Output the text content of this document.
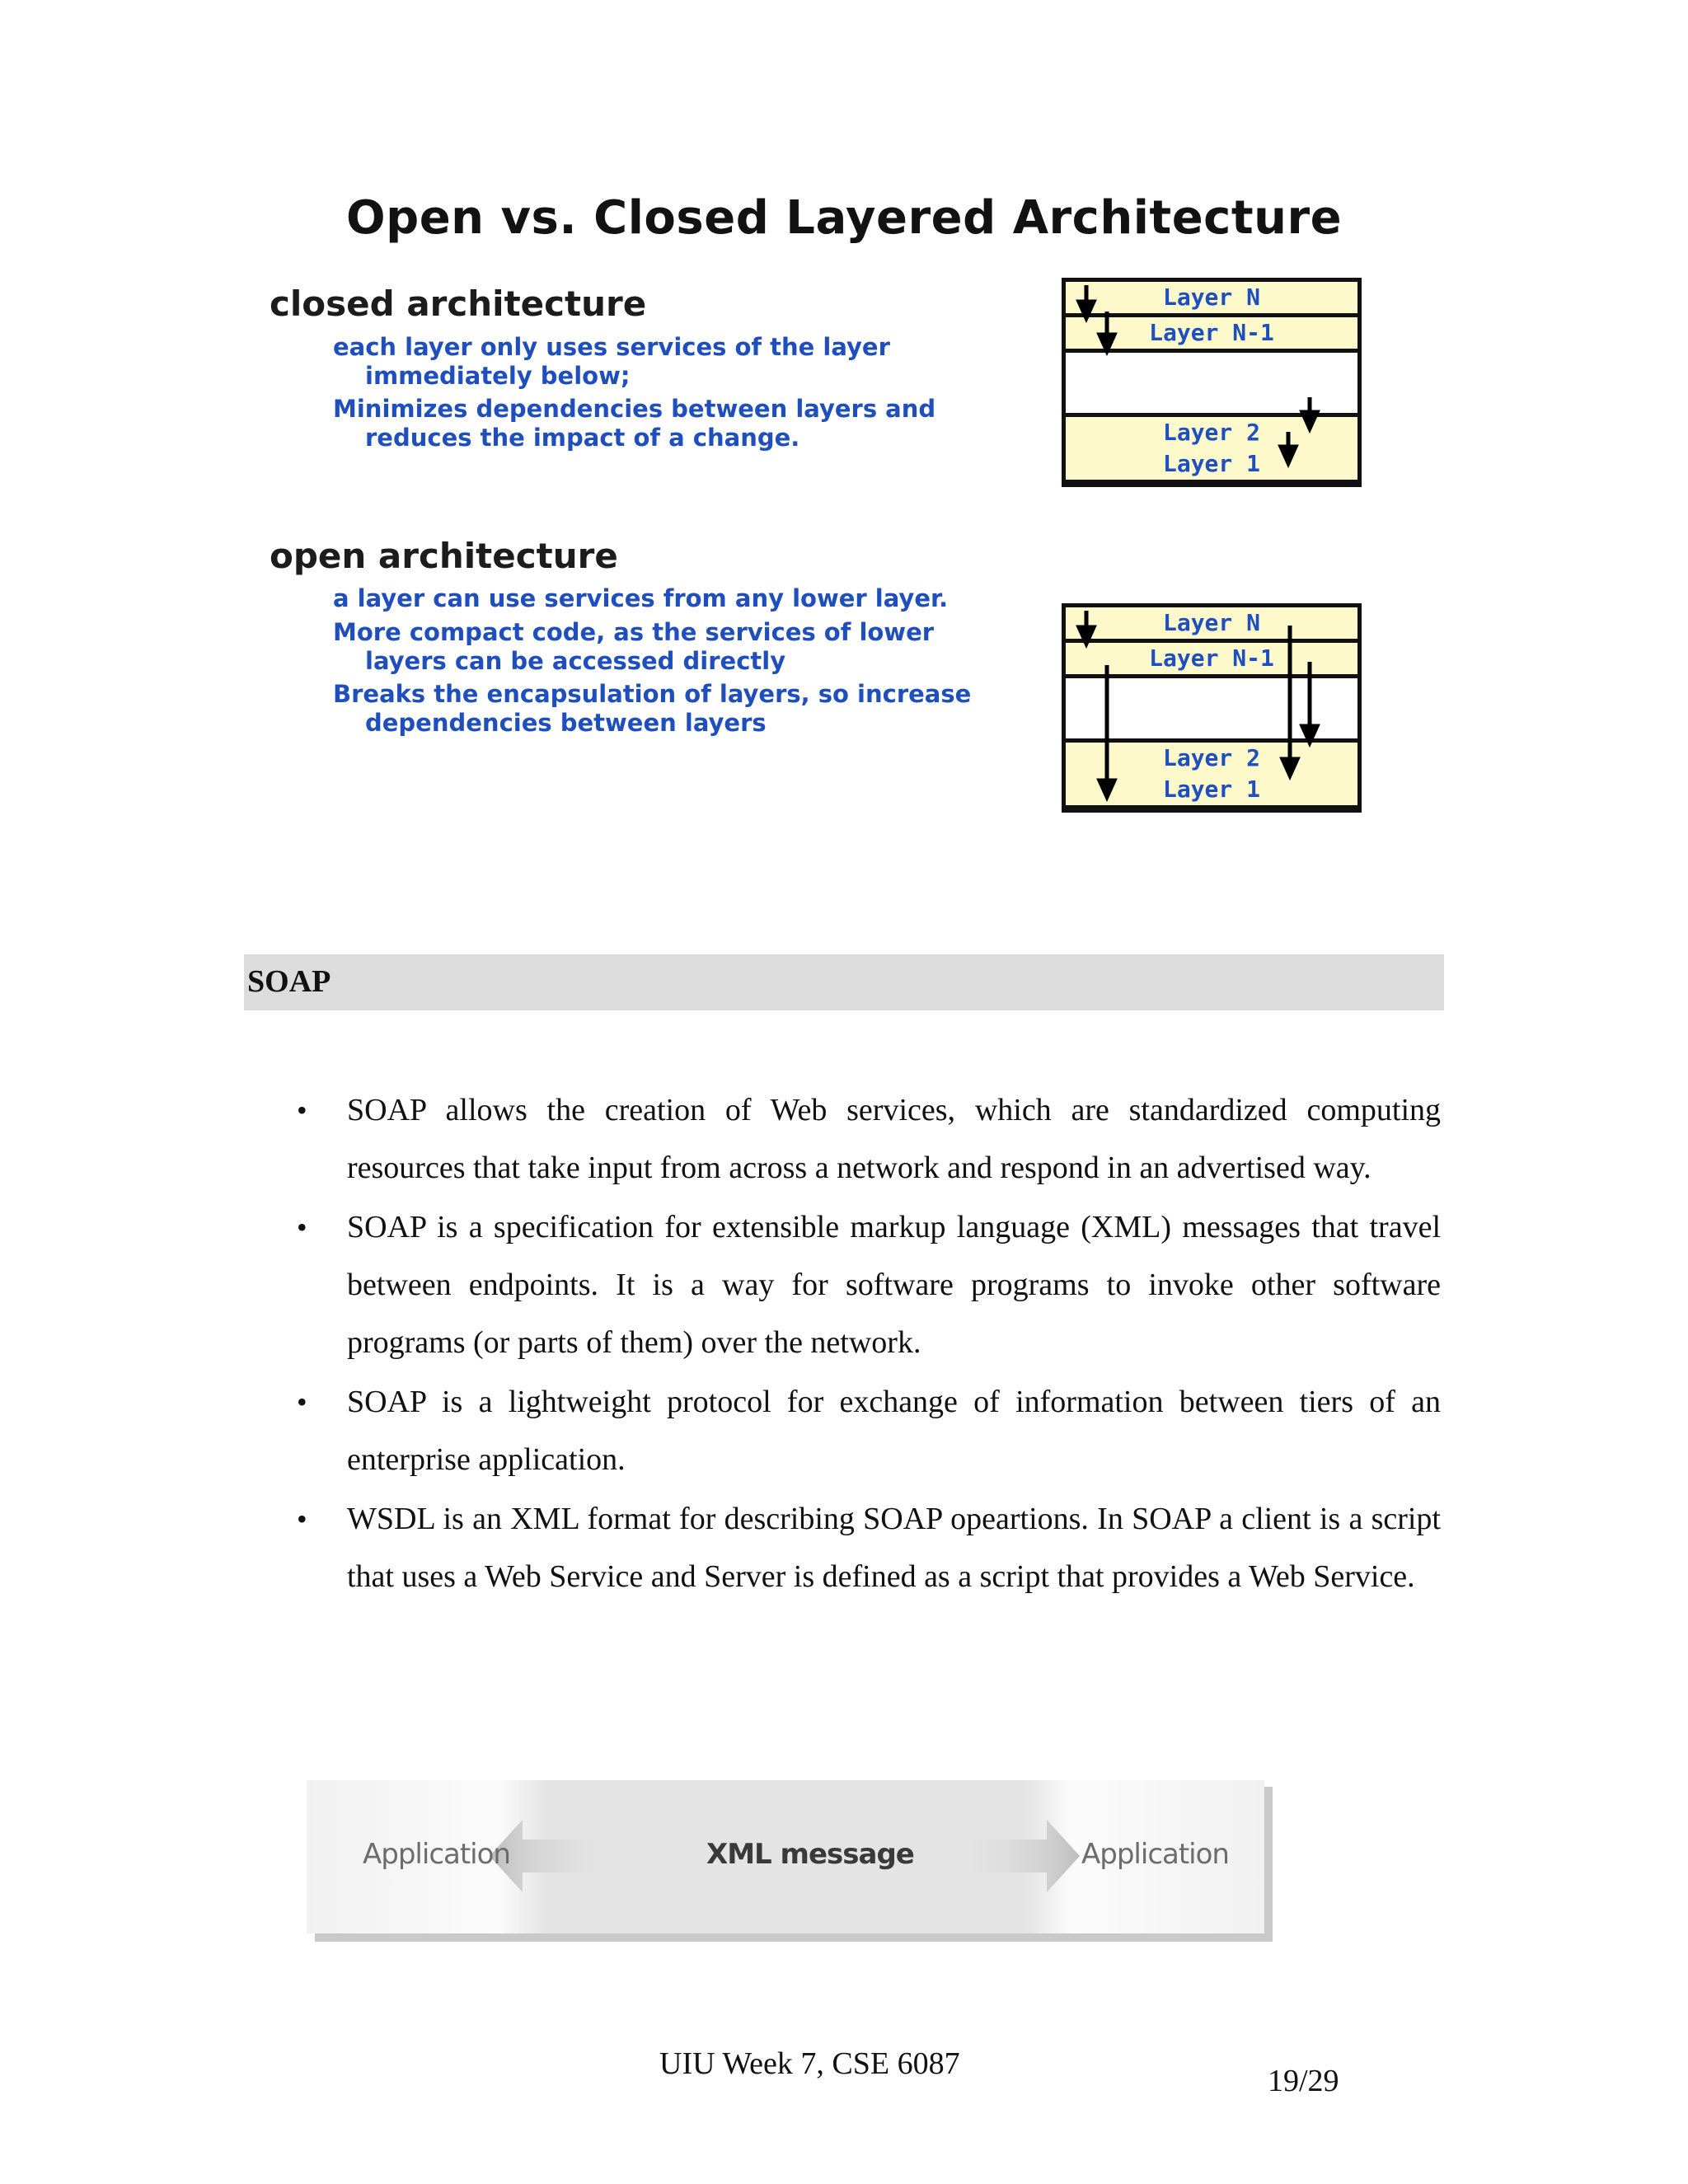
Open vs. Closed Layered Architecture
closed architecture
each layer only uses services of the layer
immediately below;
Minimizes dependencies between layers and
reduces the impact of a change.
open architecture
a layer can use services from any lower layer.
More compact code, as the services of lower
layers can be accessed directly
Breaks the encapsulation of layers, so increase
dependencies between layers
Layer N
Layer N-1
Layer 2
Layer 1
Layer N
Layer N-1
Layer 2
Layer 1
SOAP
• SOAP allows the creation of Web services, which are standardized computing resources that take input from across a network and respond in an advertised way.
• SOAP is a specification for extensible markup language (XML) messages that travel between endpoints. It is a way for software programs to invoke other software programs (or parts of them) over the network.
• SOAP is a lightweight protocol for exchange of information between tiers of an enterprise application.
• WSDL is an XML format for describing SOAP opeartions. In SOAP a client is a script that uses a Web Service and Server is defined as a script that provides a Web Service.
Application	XML message	Application
UIU Week 7, CSE 6087	19/29
